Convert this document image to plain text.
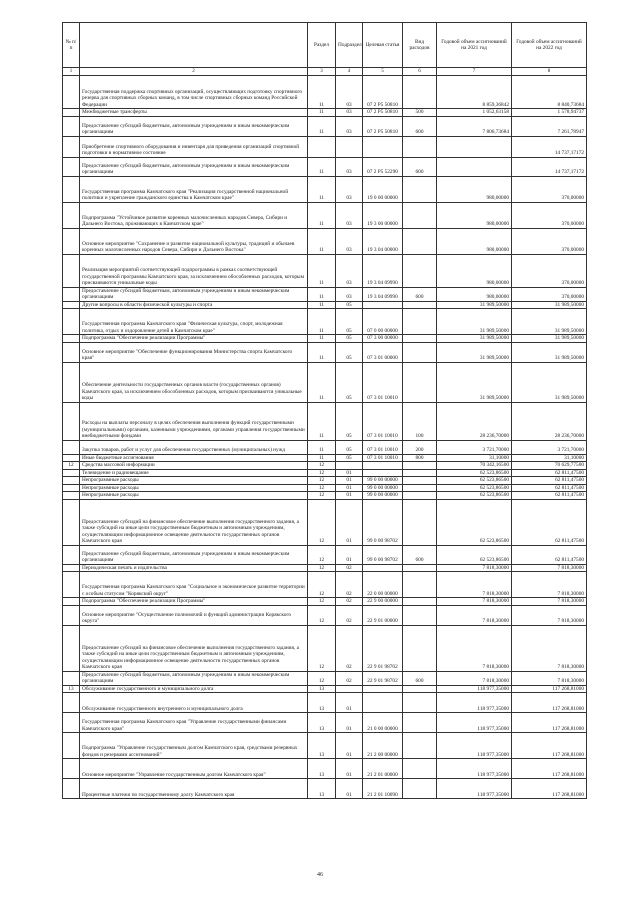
№ п/п		Раздел	Подраздел	Целевая статья	Вид расходов	Годовой объем ассигнований на 2021 год	Годовой объем ассигнований на 2022 год
1	2	3	4	5	6	7	8
	Государственная поддержка спортивных организаций, осуществляющих подготовку спортивного резерва для спортивных сборных команд, в том числе спортивных сборных команд Российской Федерации	11	03	07 2 P5 50810		8 859,36842	8 840,73684
	Межбюджетные трансферты	11	03	07 2 P5 50810	500	1 052,63158	1 578,94737
	Предоставление субсидий бюджетным, автономным учреждениям и иным некоммерческим организациям	11	03	07 2 P5 50810	600	7 806,73684	7 261,78947
	Приобретение спортивного оборудования и инвентаря для приведения организаций спортивной подготовки в нормативное состояние						14 737,17172
	Предоставление субсидий бюджетным, автономным учреждениям и иным некоммерческим организациям	11	03	07 2 P5 52290	600		14 737,17172
	Государственная программа Камчатского края "Реализация государственной национальной политики и укрепление гражданского единства в Камчатском крае"	11	03	19 0 00 00000		980,00000	370,00000
	Подпрограмма "Устойчивое развитие коренных малочисленных народов Севера, Сибири и Дальнего Востока, проживающих в Камчатском крае"	11	03	19 3 00 00000		980,00000	370,00000
	Основное мероприятие "Сохранение и развитие национальной культуры, традиций и обычаев коренных малочисленных народов Севера, Сибири и Дальнего Востока"	11	03	19 3 04 00000		980,00000	370,00000
	Реализация мероприятий соответствующей подпрограммы в рамках соответствующей государственной программы Камчатского края, за исключением обособленных расходов, которым присваиваются уникальные коды	11	03	19 3 04 09990		980,00000	370,00000
	Предоставление субсидий бюджетным, автономным учреждениям и иным некоммерческим организациям	11	03	19 3 04 09990	600	980,00000	370,00000
	Другие вопросы в области физической культуры и спорта	11	05			31 989,50000	31 989,50000
	Государственная программа Камчатского края "Физическая культура, спорт, молодежная политика, отдых и оздоровление детей в Камчатском крае"	11	05	07 0 00 00000		31 989,50000	31 989,50000
	Подпрограмма "Обеспечение реализации Программы"	11	05	07 3 00 00000		31 989,50000	31 989,50000
	Основное мероприятие "Обеспечение функционирования Министерства спорта Камчатского края"	11	05	07 3 01 00000		31 989,50000	31 989,50000
	Обеспечение деятельности государственных органов власти (государственных органов) Камчатского края, за исключением обособленных расходов, которым присваиваются уникальные коды	11	05	07 3 01 10010		31 989,50000	31 989,50000
	Расходы на выплаты персоналу в целях обеспечения выполнения функций государственными (муниципальными) органами, казенными учреждениями, органами управления государственными внебюджетными фондами	11	05	07 3 01 10010	100	28 236,70000	28 236,70000
	Закупка товаров, работ и услуг для обеспечения государственных (муниципальных) нужд	11	05	07 3 01 10010	200	3 721,70000	3 721,70000
	Иные бюджетные ассигнования	11	05	07 3 01 10010	800	31,10000	31,10000
12	Средства массовой информации	12				70 342,16500	70 629,77500
	Телевидение и радиовещание	12	01			62 523,86500	62 811,47500
	Непрограммные расходы	12	01	99 0 00 00000		62 523,86500	62 811,47500
	Непрограммные расходы	12	01	99 0 00 00000		62 523,86500	62 811,47500
	Непрограммные расходы	12	01	99 0 00 00000		62 523,86500	62 811,47500
	Предоставление субсидий на финансовое обеспечение выполнения государственного задания, а также субсидий на иные цели государственным бюджетным и автономным учреждениям, осуществляющим информационное освещение деятельности государственных органов Камчатского края	12	01	99 0 00 98702		62 523,86500	62 811,47500
	Предоставление субсидий бюджетным, автономным учреждениям и иным некоммерческим организациям	12	01	99 0 00 98702	600	62 523,86500	62 811,47500
	Периодическая печать и издательства	12	02			7 818,30000	7 818,30000
	Государственная программа Камчатского края "Социальное и экономическое развитие территории с особым статусом "Корякский округ"	12	02	22 0 00 00000		7 818,30000	7 818,30000
	Подпрограмма "Обеспечение реализации Программы"	12	02	22 9 00 00000		7 818,30000	7 818,30000
	Основное мероприятие "Осуществление полномочий и функций администрации Корякского округа"	12	02	22 9 01 00000		7 818,30000	7 818,30000
	Предоставление субсидий на финансовое обеспечение выполнения государственного задания, а также субсидий на иные цели государственным бюджетным и автономным учреждениям, осуществляющим информационное освещение деятельности государственных органов Камчатского края	12	02	22 9 01 98702		7 818,30000	7 818,30000
	Предоставление субсидий бюджетным, автономным учреждениям и иным некоммерческим организациям	12	02	22 9 01 98702	600	7 818,30000	7 818,30000
13	Обслуживание государственного и муниципального долга	13				118 977,35000	117 268,81000
	Обслуживание государственного внутреннего и муниципального долга	13	01			118 977,35000	117 268,81000
	Государственная программа Камчатского края "Управление государственными финансами Камчатского края"	13	01	21 0 00 00000		118 977,35000	117 268,81000
	Подпрограмма "Управление государственным долгом Камчатского края, средствами резервных фондов и резервами ассигнований"	13	01	21 2 00 00000		118 977,35000	117 268,81000
	Основное мероприятие "Управление государственным долгом Камчатского края"	13	01	21 2 01 00000		118 977,35000	117 268,81000
	Процентные платежи по государственному долгу Камчатского края	13	01	21 2 01 10090		118 977,35000	117 268,81000
46
